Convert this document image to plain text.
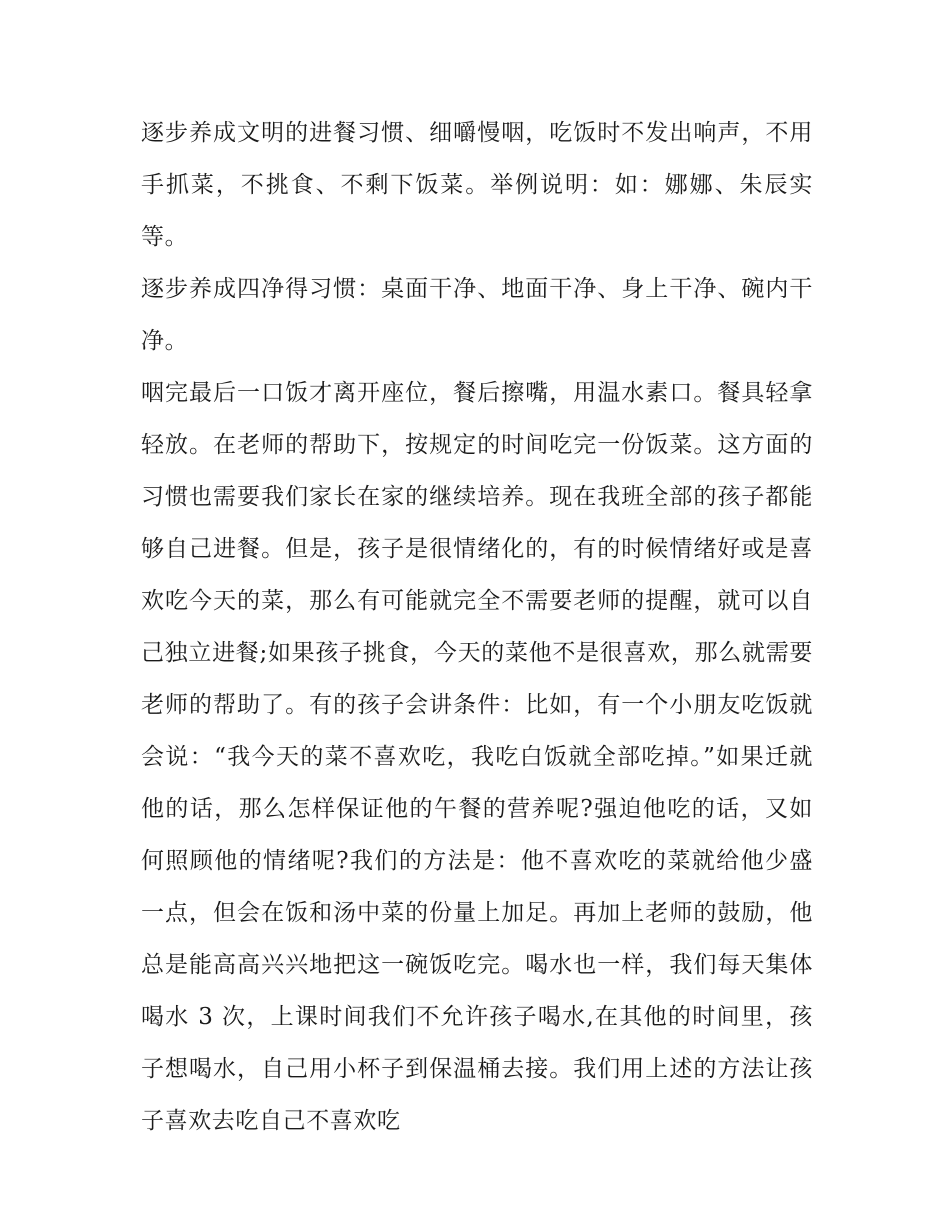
逐步养成文明的进餐习惯、细嚼慢咽，吃饭时不发出响声，不用手抓菜，不挑食、不剩下饭菜。举例说明：如：娜娜、朱辰实等。

逐步养成四净得习惯：桌面干净、地面干净、身上干净、碗内干净。

咽完最后一口饭才离开座位，餐后擦嘴，用温水素口。餐具轻拿轻放。在老师的帮助下，按规定的时间吃完一份饭菜。这方面的习惯也需要我们家长在家的继续培养。现在我班全部的孩子都能够自己进餐。但是，孩子是很情绪化的，有的时候情绪好或是喜欢吃今天的菜，那么有可能就完全不需要老师的提醒，就可以自己独立进餐;如果孩子挑食，今天的菜他不是很喜欢，那么就需要老师的帮助了。有的孩子会讲条件：比如，有一个小朋友吃饭就会说：“我今天的菜不喜欢吃，我吃白饭就全部吃掉。”如果迁就他的话，那么怎样保证他的午餐的营养呢?强迫他吃的话，又如何照顾他的情绪呢?我们的方法是：他不喜欢吃的菜就给他少盛一点，但会在饭和汤中菜的份量上加足。再加上老师的鼓励，他总是能高高兴兴地把这一碗饭吃完。喝水也一样，我们每天集体喝水 3 次，上课时间我们不允许孩子喝水,在其他的时间里，孩子想喝水，自己用小杯子到保温桶去接。我们用上述的方法让孩子喜欢去吃自己不喜欢吃
